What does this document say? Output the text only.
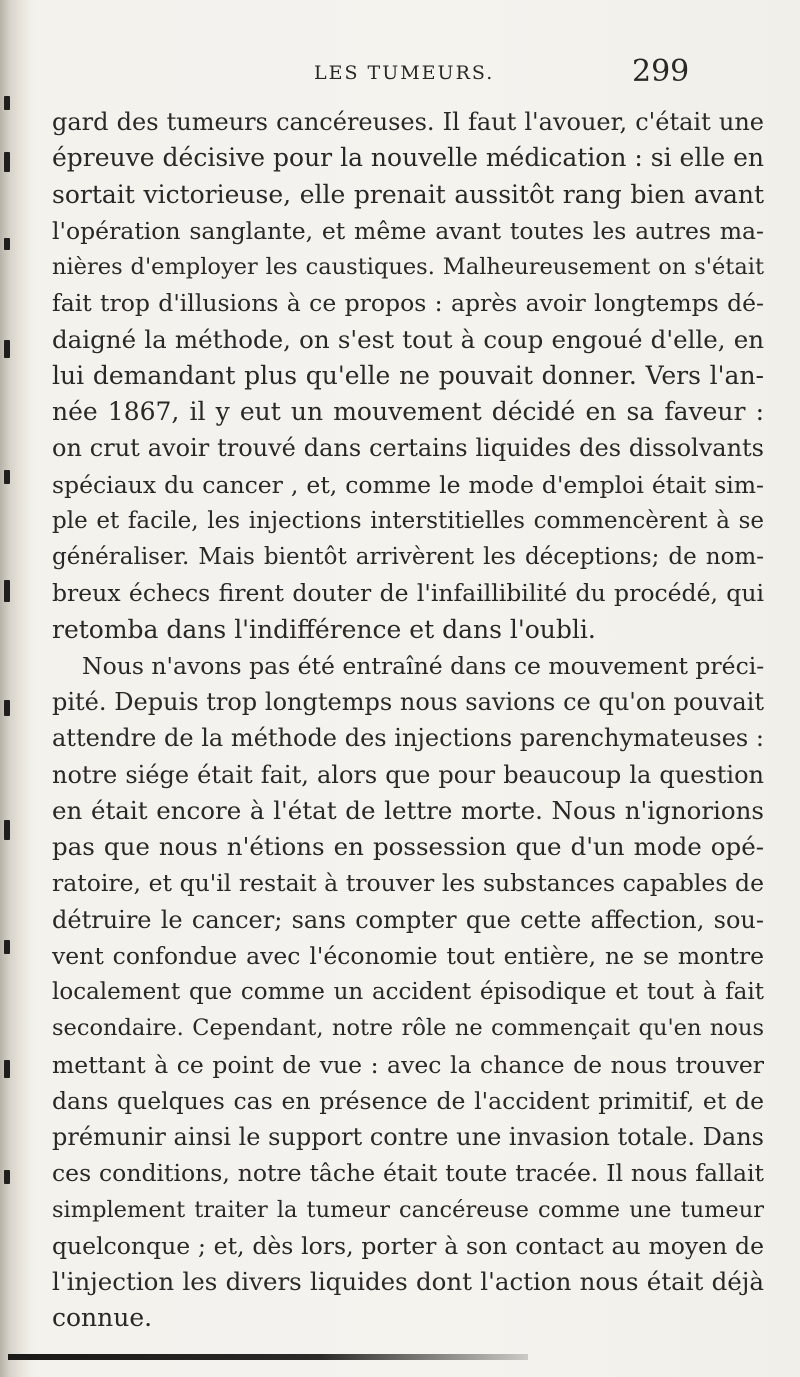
LES TUMEURS.	299
gard des tumeurs cancéreuses. Il faut l'avouer, c'était une
épreuve décisive pour la nouvelle médication : si elle en
sortait victorieuse, elle prenait aussitôt rang bien avant
l'opération sanglante, et même avant toutes les autres ma-
nières d'employer les caustiques. Malheureusement on s'était
fait trop d'illusions à ce propos : après avoir longtemps dé-
daigné la méthode, on s'est tout à coup engoué d'elle, en
lui demandant plus qu'elle ne pouvait donner. Vers l'an-
née 1867, il y eut un mouvement décidé en sa faveur :
on crut avoir trouvé dans certains liquides des dissolvants
spéciaux du cancer , et, comme le mode d'emploi était sim-
ple et facile, les injections interstitielles commencèrent à se
généraliser. Mais bientôt arrivèrent les déceptions; de nom-
breux échecs firent douter de l'infaillibilité du procédé, qui
retomba dans l'indifférence et dans l'oubli.
Nous n'avons pas été entraîné dans ce mouvement préci-
pité. Depuis trop longtemps nous savions ce qu'on pouvait
attendre de la méthode des injections parenchymateuses :
notre siége était fait, alors que pour beaucoup la question
en était encore à l'état de lettre morte. Nous n'ignorions
pas que nous n'étions en possession que d'un mode opé-
ratoire, et qu'il restait à trouver les substances capables de
détruire le cancer; sans compter que cette affection, sou-
vent confondue avec l'économie tout entière, ne se montre
localement que comme un accident épisodique et tout à fait
secondaire. Cependant, notre rôle ne commençait qu'en nous
mettant à ce point de vue : avec la chance de nous trouver
dans quelques cas en présence de l'accident primitif, et de
prémunir ainsi le support contre une invasion totale. Dans
ces conditions, notre tâche était toute tracée. Il nous fallait
simplement traiter la tumeur cancéreuse comme une tumeur
quelconque ; et, dès lors, porter à son contact au moyen de
l'injection les divers liquides dont l'action nous était déjà
connue.
